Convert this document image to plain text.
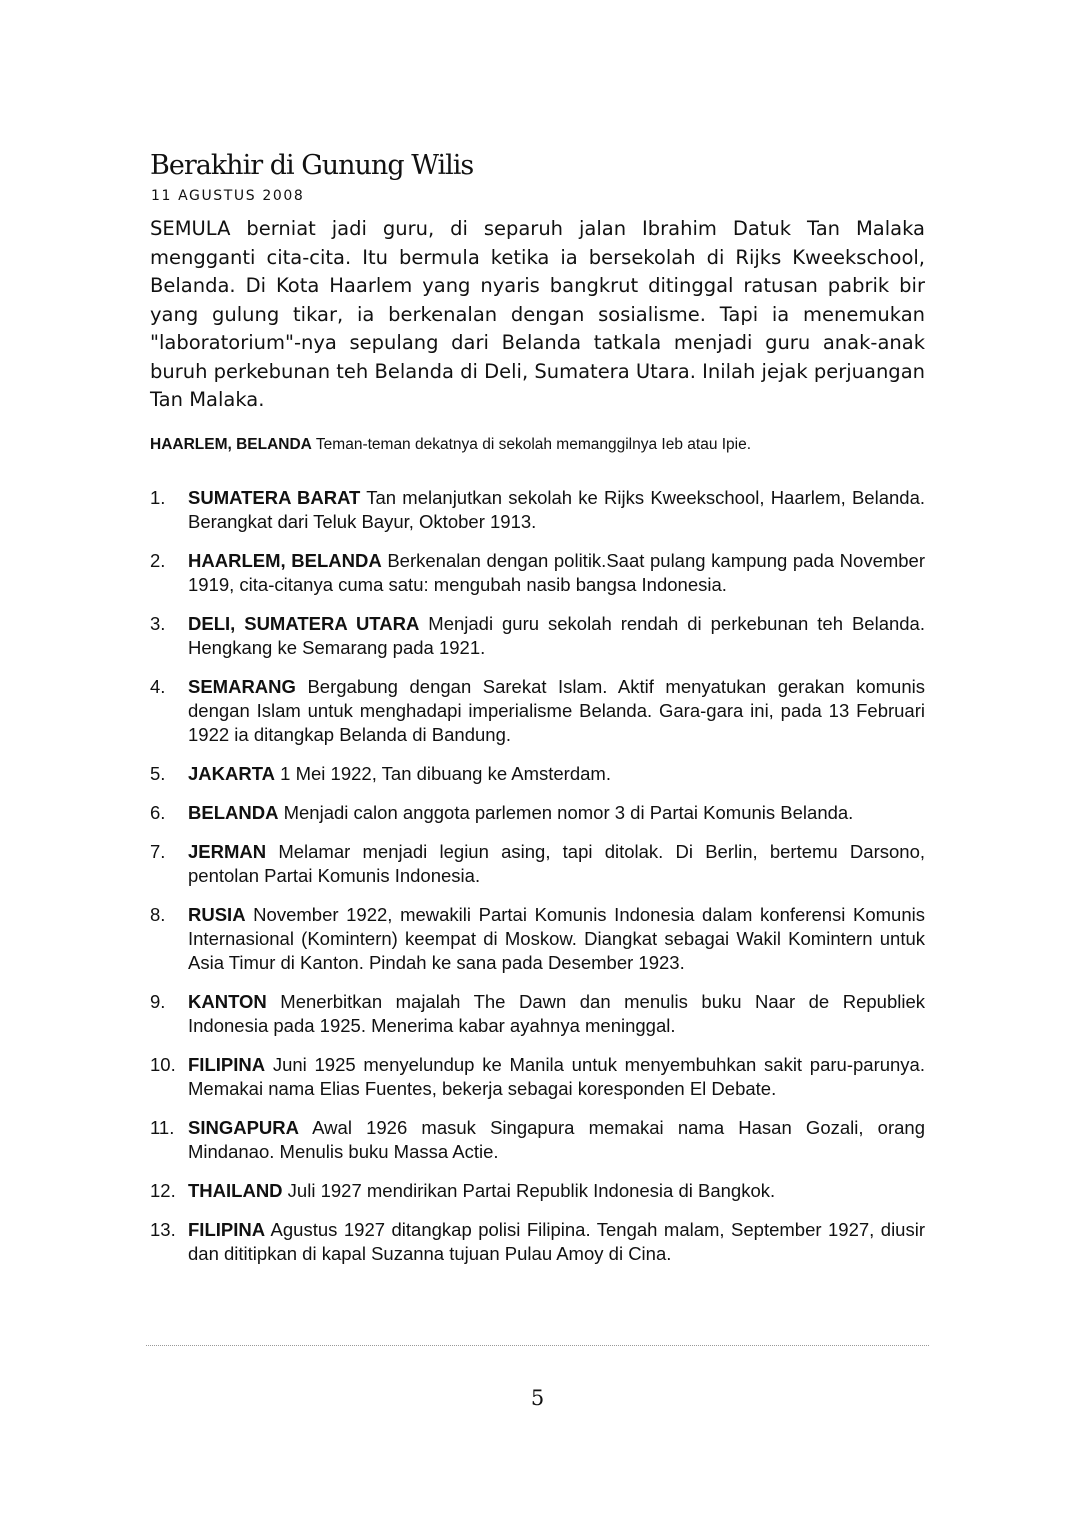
Berakhir di Gunung Wilis
11 AGUSTUS 2008

SEMULA berniat jadi guru, di separuh jalan Ibrahim Datuk Tan Malaka mengganti cita-cita. Itu bermula ketika ia bersekolah di Rijks Kweekschool, Belanda. Di Kota Haarlem yang nyaris bangkrut ditinggal ratusan pabrik bir yang gulung tikar, ia berkenalan dengan sosialisme. Tapi ia menemukan "laboratorium"-nya sepulang dari Belanda tatkala menjadi guru anak-anak buruh perkebunan teh Belanda di Deli, Sumatera Utara. Inilah jejak perjuangan Tan Malaka.

HAARLEM, BELANDA Teman-teman dekatnya di sekolah memanggilnya Ieb atau Ipie.

1. SUMATERA BARAT Tan melanjutkan sekolah ke Rijks Kweekschool, Haarlem, Belanda. Berangkat dari Teluk Bayur, Oktober 1913.
2. HAARLEM, BELANDA Berkenalan dengan politik.Saat pulang kampung pada November 1919, cita-citanya cuma satu: mengubah nasib bangsa Indonesia.
3. DELI, SUMATERA UTARA Menjadi guru sekolah rendah di perkebunan teh Belanda. Hengkang ke Semarang pada 1921.
4. SEMARANG Bergabung dengan Sarekat Islam. Aktif menyatukan gerakan komunis dengan Islam untuk menghadapi imperialisme Belanda. Gara-gara ini, pada 13 Februari 1922 ia ditangkap Belanda di Bandung.
5. JAKARTA 1 Mei 1922, Tan dibuang ke Amsterdam.
6. BELANDA Menjadi calon anggota parlemen nomor 3 di Partai Komunis Belanda.
7. JERMAN Melamar menjadi legiun asing, tapi ditolak. Di Berlin, bertemu Darsono, pentolan Partai Komunis Indonesia.
8. RUSIA November 1922, mewakili Partai Komunis Indonesia dalam konferensi Komunis Internasional (Komintern) keempat di Moskow. Diangkat sebagai Wakil Komintern untuk Asia Timur di Kanton. Pindah ke sana pada Desember 1923.
9. KANTON Menerbitkan majalah The Dawn dan menulis buku Naar de Republiek Indonesia pada 1925. Menerima kabar ayahnya meninggal.
10. FILIPINA Juni 1925 menyelundup ke Manila untuk menyembuhkan sakit paru-parunya. Memakai nama Elias Fuentes, bekerja sebagai koresponden El Debate.
11. SINGAPURA Awal 1926 masuk Singapura memakai nama Hasan Gozali, orang Mindanao. Menulis buku Massa Actie.
12. THAILAND Juli 1927 mendirikan Partai Republik Indonesia di Bangkok.
13. FILIPINA Agustus 1927 ditangkap polisi Filipina. Tengah malam, September 1927, diusir dan dititipkan di kapal Suzanna tujuan Pulau Amoy di Cina.
5
